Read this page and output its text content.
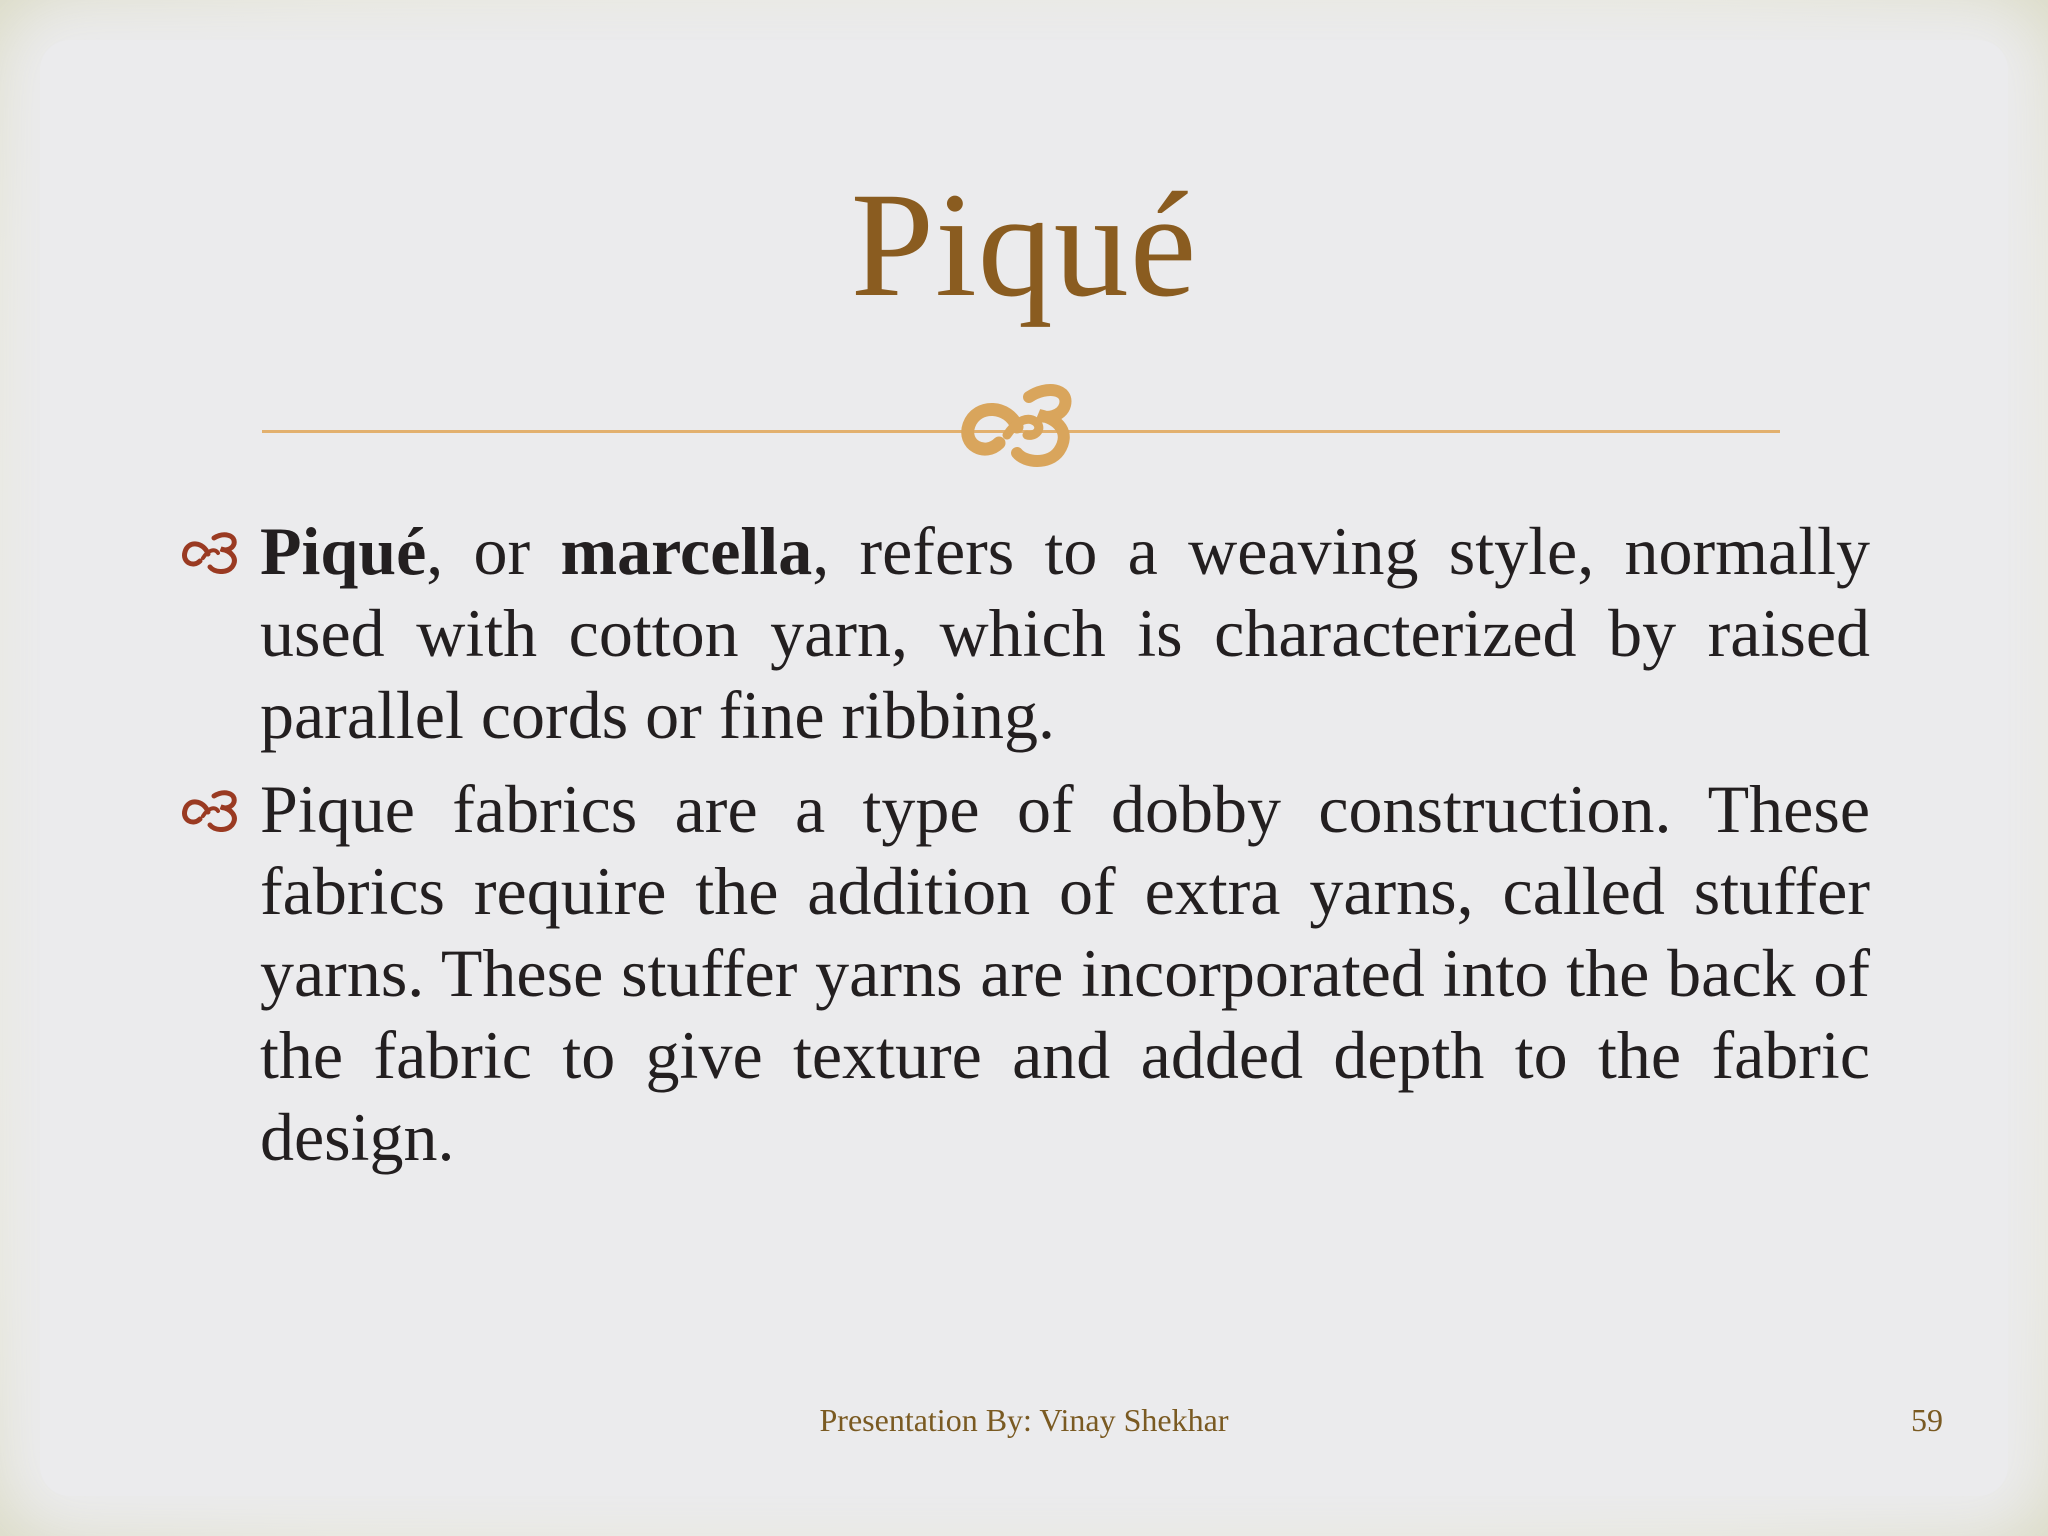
Piqué
Piqué, or marcella, refers to a weaving style, normally used with cotton yarn, which is characterized by raised parallel cords or fine ribbing.
Pique fabrics are a type of dobby construction. These fabrics require the addition of extra yarns, called stuffer yarns. These stuffer yarns are incorporated into the back of the fabric to give texture and added depth to the fabric design.
Presentation By: Vinay Shekhar	59
